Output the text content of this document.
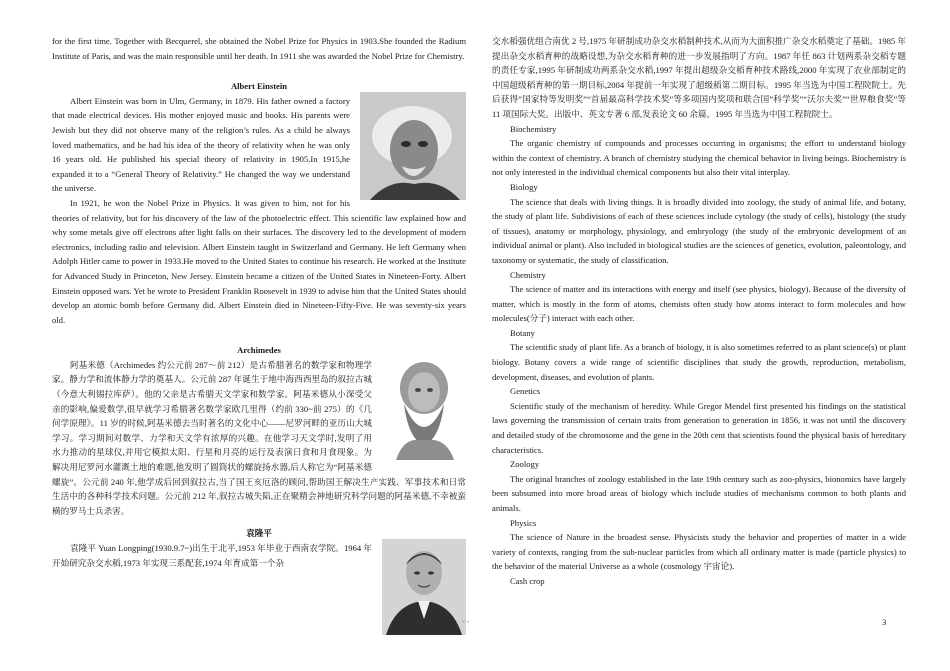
for the first time. Together with Becquerel, she obtained the Nobel Prize for Physics in 1903.She founded the Radium Institute of Paris, and was the main responsible until her death. In 1911 she was awarded the Nobel Prize for Chemistry.

Albert Einstein

Albert Einstein was born in Ulm, Germany, in 1879. His father owned a factory that made electrical devices. His mother enjoyed music and books. His parents were Jewish but they did not observe many of the religion’s rules. As a child he always loved mathematics, and he had his idea of the theory of relativity when he was only 16 years old. He published his special theory of relativity in 1905.In 1915,he expanded it to a “General Theory of Relativity.” He changed the way we understand the universe.

In 1921, he won the Nobel Prize in Physics. It was given to him, not for his theories of relativity, but for his discovery of the law of the photoelectric effect. This scientific law explained how and why some metals give off electrons after light falls on their surfaces. The discovery led to the development of modern electronics, including radio and television. Albert Einstein taught in Switzerland and Germany. He left Germany when Adolph Hitler came to power in 1933.He moved to the United States to continue his research. He worked at the Institute for Advanced Study in Princeton, New Jersey. Einstein became a citizen of the United States in Nineteen-Forty. Albert Einstein opposed wars. Yet he wrote to President Franklin Roosevelt in 1939 to advise him that the United States should develop an atomic bomb before Germany did. Albert Einstein died in Nineteen-Fifty-Five. He was seventy-six years old.

Archimedes

阿基米德（Archimedes 约公元前 287～前 212）是古希腊著名的数学家和物理学家。静力学和流体静力学的奠基人。公元前 287 年诞生于地中海西西里岛的叙拉古城（今意大利锡拉库萨）。他的父亲是古希腊天文学家和数学家。阿基米德从小深受父亲的影响,偏爱数学,很早就学习希腊著名数学家欧几里得（约前 330~前 275）的《几何学原理》。11 岁的时候,阿基米德去当时著名的文化中心——尼罗河畔的亚历山大城学习。学习期间对数学、力学和天文学有浓厚的兴趣。在他学习天文学时,发明了用水力推动的星球仪,并用它模拟太阳、行星和月亮的运行及表演日食和月食现象。为解决用尼罗河水灌溉土地的难题,他发明了圆筒状的螺旋扬水器,后人称它为“阿基米德螺旋”。公元前 240 年,他学成后回到叙拉古,当了国王亥厄洛的顾问,帮助国王解决生产实践、军事技术和日常生活中的各种科学技术问题。公元前 212 年,叙拉古城失陷,正在聚精会神地研究科学问题的阿基米德,不幸被蛮横的罗马士兵杀害。

袁隆平

袁隆平 Yuan Longping(1930.9.7~)出生于北平,1953 年毕业于西南农学院。1964 年开始研究杂交水稻,1973 年实现三系配套,1974 年育成第一个杂

交水稻强优组合南优 2 号,1975 年研制成功杂交水稻制种技术,从而为大面积推广杂交水稻奠定了基础。1985 年提出杂交水稻育种的战略设想,为杂交水稻育种的进一步发展指明了方向。1987 年任 863 计划两系杂交稻专题的责任专家,1995 年研制成功两系杂交水稻,1997 年提出超级杂交稻育种技术路线,2000 年实现了农业部制定的中国超级稻育种的第一期目标,2004 年提前一年实现了超级稻第二期目标。1995 年当选为中国工程院院士。先后获得”国家特等发明奖”“首届最高科学技术奖”等多项国内奖项和联合国”科学奖”“沃尔夫奖”“世界粮食奖”等 11 项国际大奖。出版中、英文专著 6 部,发表论文 60 余篇。1995 年当选为中国工程院院士。

Biochemistry

The organic chemistry of compounds and processes occurring in organisms; the effort to understand biology within the context of chemistry. A branch of chemistry studying the chemical behavior in living beings. Biochemistry is not only interested in the individual chemical components but also their vital interplay.

Biology

The science that deals with living things. It is broadly divided into zoology, the study of animal life, and botany, the study of plant life. Subdivisions of each of these sciences include cytology (the study of cells), histology (the study of tissues), anatomy or morphology, physiology, and embryology (the study of the embryonic development of an individual animal or plant). Also included in biological studies are the sciences of genetics, evolution, paleontology, and taxonomy or systematic, the study of classification.

Chemistry

The science of matter and its interactions with energy and itself (see physics, biology). Because of the diversity of matter, which is mostly in the form of atoms, chemists often study how atoms interact to form molecules and how molecules(分子) interact with each other.

Botany

The scientific study of plant life. As a branch of biology, it is also sometimes referred to as plant science(s) or plant biology. Botany covers a wide range of scientific disciplines that study the growth, reproduction, metabolism, development, diseases, and evolution of plants.

Genetics

Scientific study of the mechanism of heredity. While Gregor Mendel first presented his findings on the statistical laws governing the transmission of certain traits from generation to generation in 1856, it was not until the discovery and detailed study of the chromosome and the gene in the 20th cent that scientists found the physical basis of hereditary characteristics.

Zoology

The original branches of zoology established in the late 19th century such as zoo-physics, bionomics have largely been subsumed into more broad areas of biology which include studies of mechanisms common to both plants and animals.

Physics

The science of Nature in the broadest sense. Physicists study the behavior and properties of matter in a wide variety of contexts, ranging from the sub-nuclear particles from which all ordinary matter is made (particle physics) to the behavior of the material Universe as a whole (cosmology 宇宙论).

Cash crop

- -	3
